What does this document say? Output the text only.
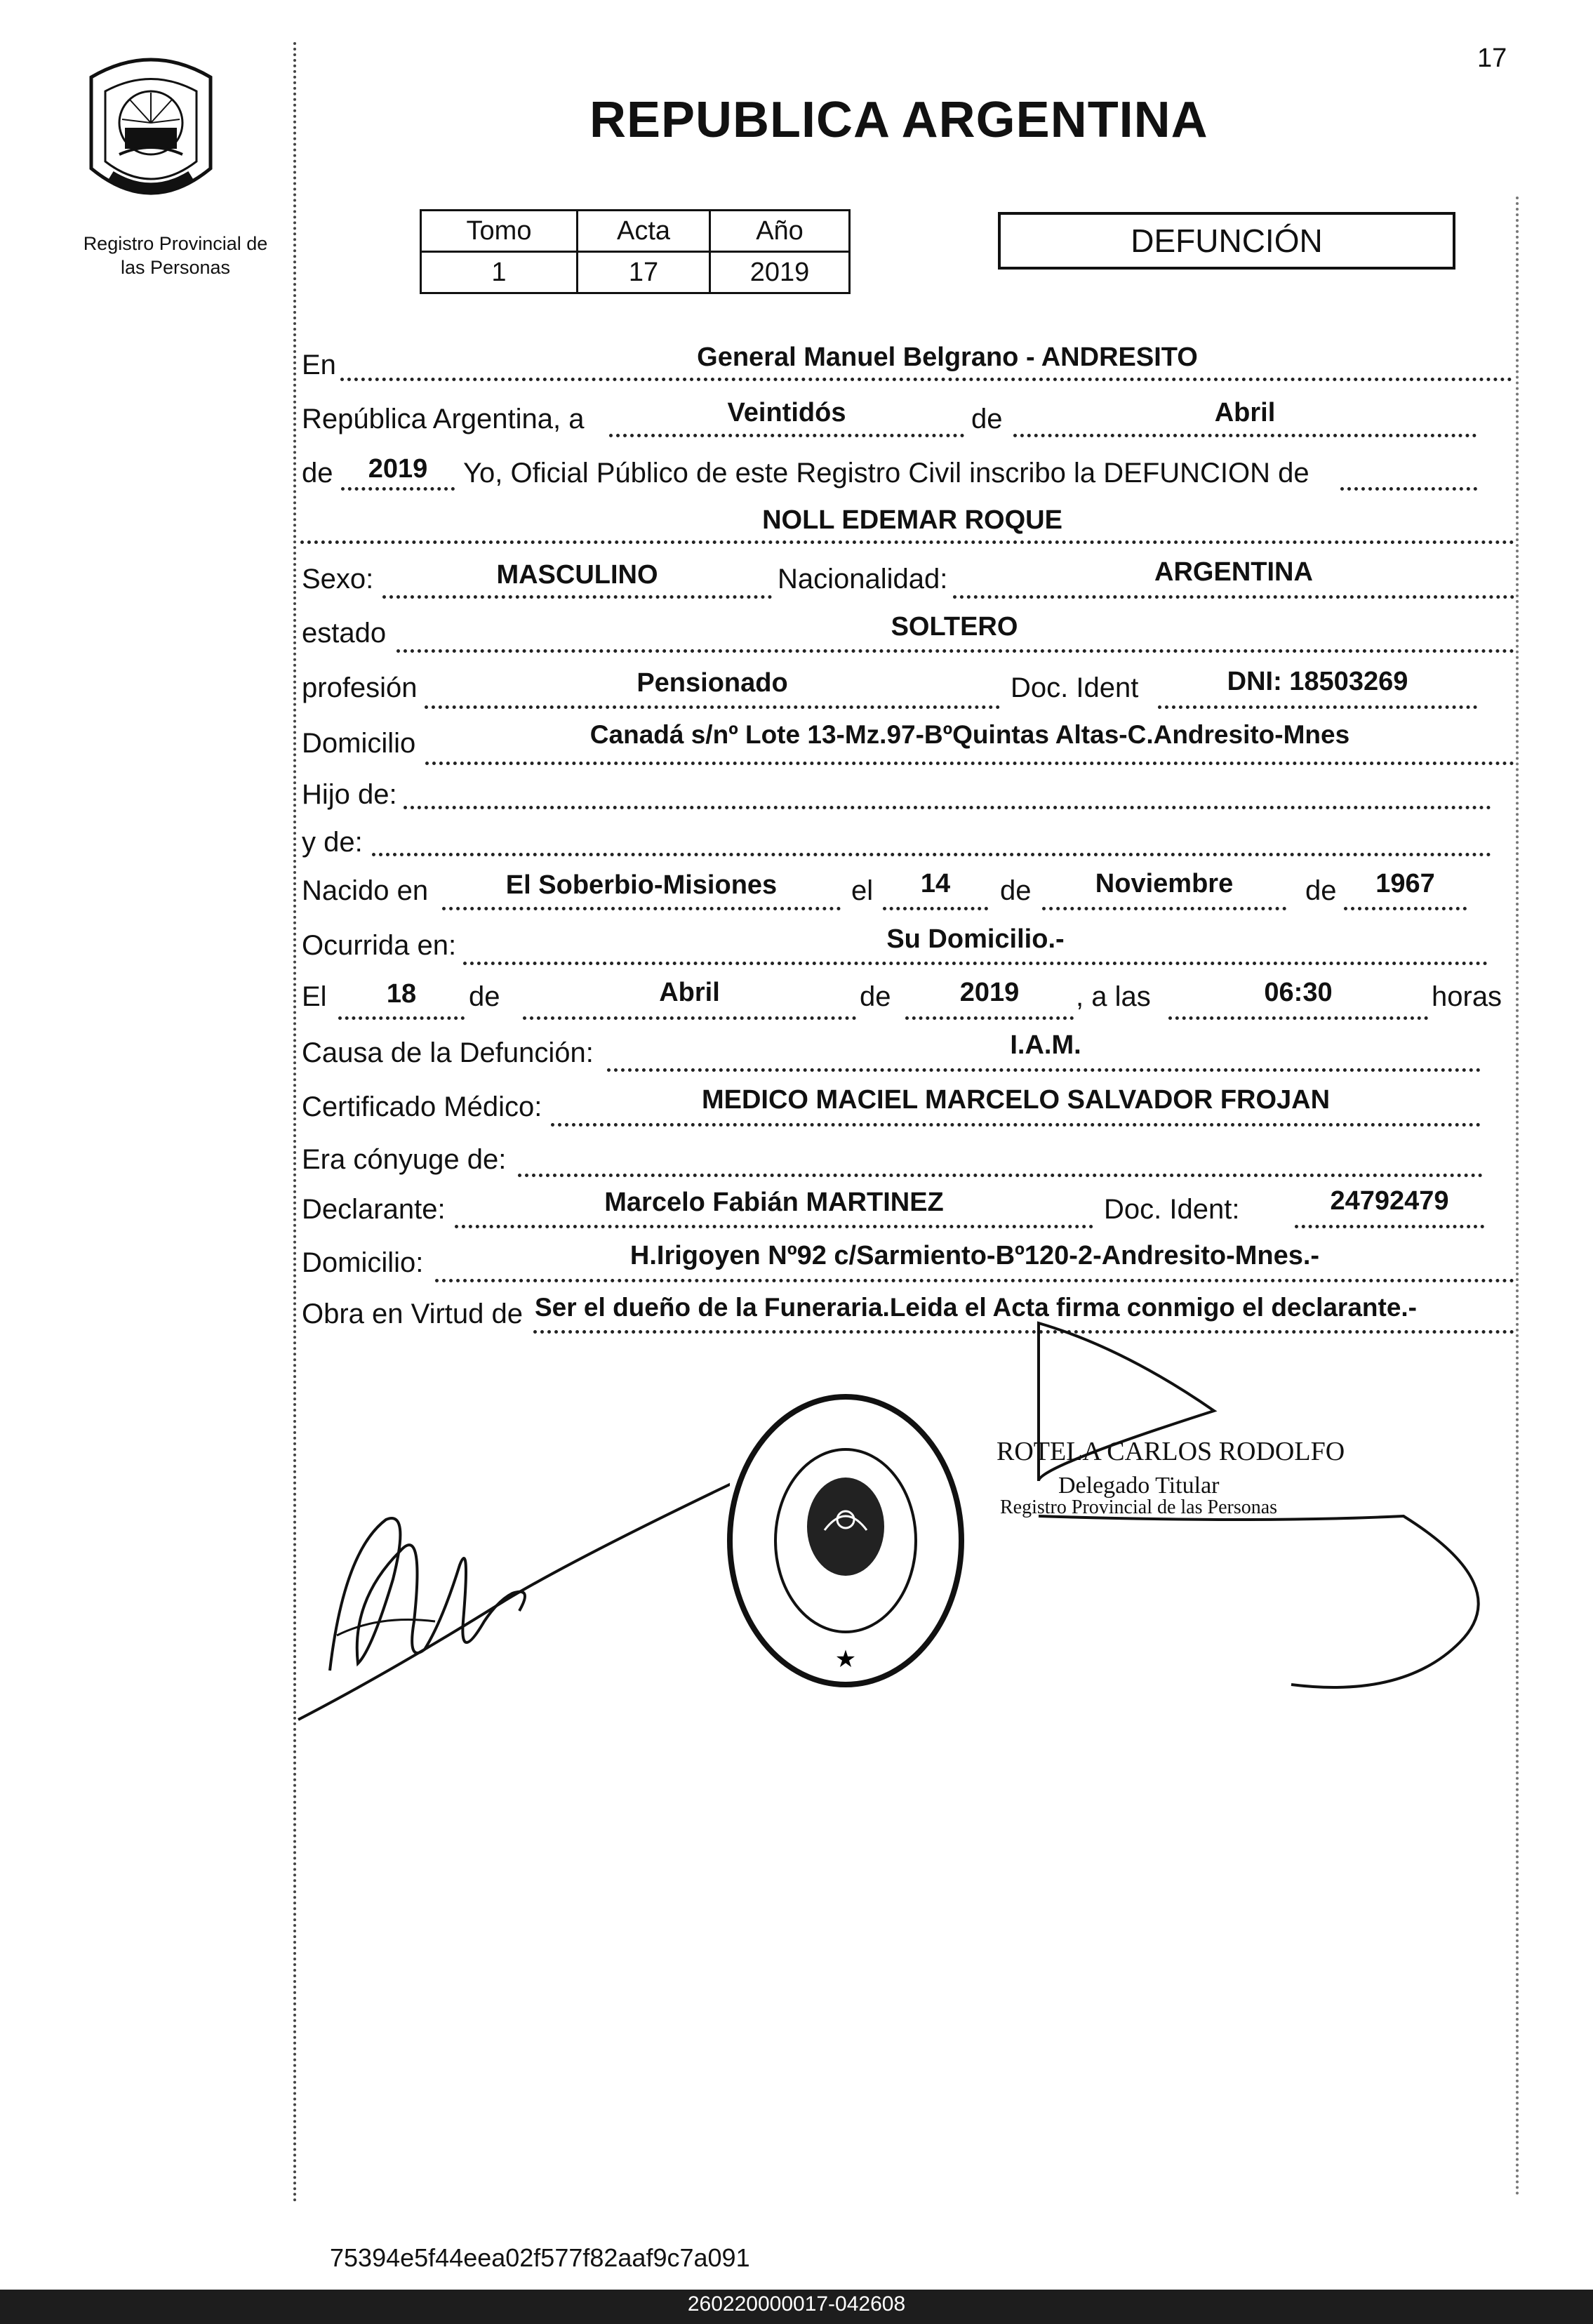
17
Registro Provincial de
las Personas
REPUBLICA ARGENTINA
Tomo	Acta	Año
1	17	2019
DEFUNCIÓN
En	General Manuel Belgrano - ANDRESITO
República Argentina, a	Veintidós	de	Abril
de	2019	Yo, Oficial Público de este Registro Civil inscribo la DEFUNCION de
NOLL EDEMAR ROQUE
Sexo:	MASCULINO	Nacionalidad:	ARGENTINA
estado	SOLTERO
profesión	Pensionado	Doc. Ident	DNI: 18503269
Domicilio	Canadá s/nº Lote 13-Mz.97-BºQuintas Altas-C.Andresito-Mnes
Hijo de:
y de:
Nacido en	El Soberbio-Misiones	el	14	de	Noviembre	de	1967
Ocurrida en:	Su Domicilio.-
El	18	de	Abril	de	2019	, a las	06:30	horas
Causa de la Defunción:	I.A.M.
Certificado Médico:	MEDICO MACIEL MARCELO SALVADOR FROJAN
Era cónyuge de:
Declarante:	Marcelo Fabián MARTINEZ	Doc. Ident:	24792479
Domicilio:	H.Irigoyen Nº92 c/Sarmiento-Bº120-2-Andresito-Mnes.-
Obra en Virtud de Ser el dueño de la Funeraria.Leida el Acta firma conmigo el declarante.-
★
ROTELA CARLOS RODOLFO
Delegado Titular
Registro Provincial de las Personas
75394e5f44eea02f577f82aaf9c7a091
260220000017-042608
